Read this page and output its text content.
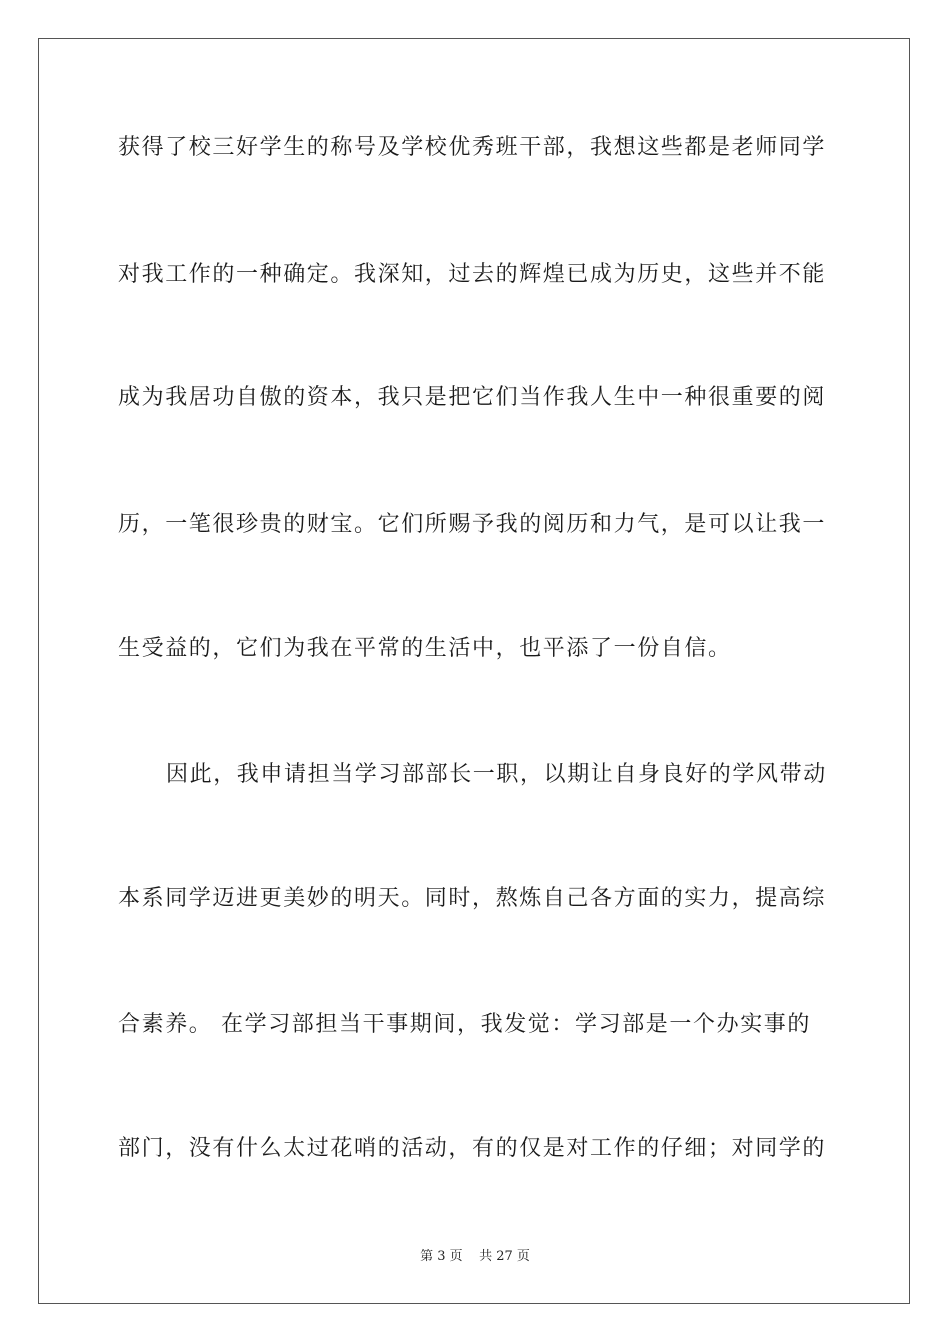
获得了校三好学生的称号及学校优秀班干部，我想这些都是老师同学
对我工作的一种确定。我深知，过去的辉煌已成为历史，这些并不能
成为我居功自傲的资本，我只是把它们当作我人生中一种很重要的阅
历，一笔很珍贵的财宝。它们所赐予我的阅历和力气，是可以让我一
生受益的，它们为我在平常的生活中，也平添了一份自信。
因此，我申请担当学习部部长一职，以期让自身良好的学风带动
本系同学迈进更美妙的明天。同时，熬炼自己各方面的实力，提高综
合素养。 在学习部担当干事期间，我发觉：学习部是一个办实事的
部门，没有什么太过花哨的活动，有的仅是对工作的仔细；对同学的
第 3 页    共 27 页
